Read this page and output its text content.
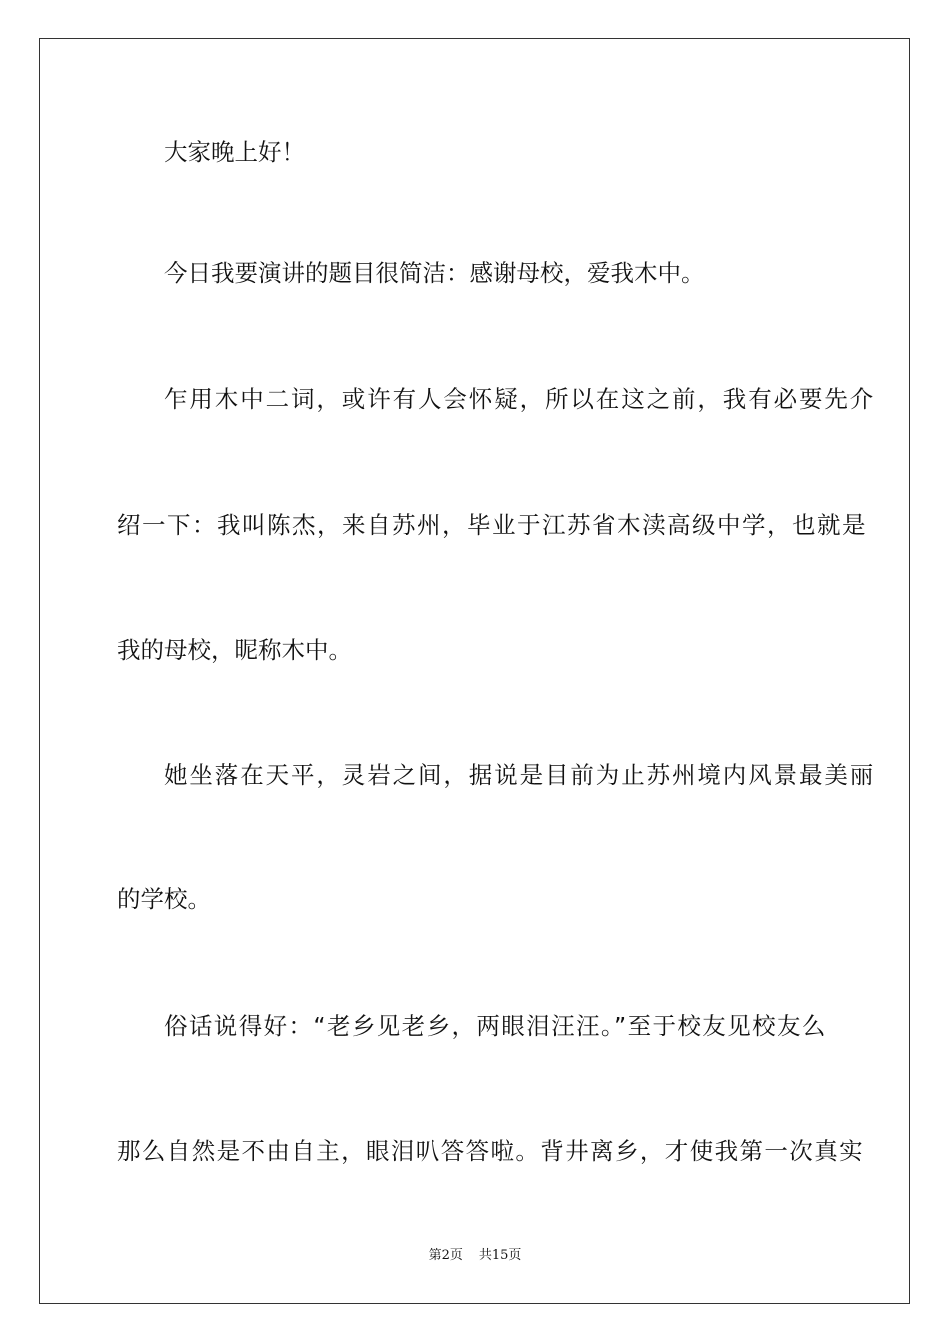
大家晚上好！
今日我要演讲的题目很简洁：感谢母校，爱我木中。
乍用木中二词，或许有人会怀疑，所以在这之前，我有必要先介
绍一下：我叫陈杰，来自苏州，毕业于江苏省木渎高级中学，也就是
我的母校，昵称木中。
她坐落在天平，灵岩之间，据说是目前为止苏州境内风景最美丽
的学校。
俗话说得好：“老乡见老乡，两眼泪汪汪。”至于校友见校友么
那么自然是不由自主，眼泪叭答答啦。背井离乡，才使我第一次真实
第2页 共15页
